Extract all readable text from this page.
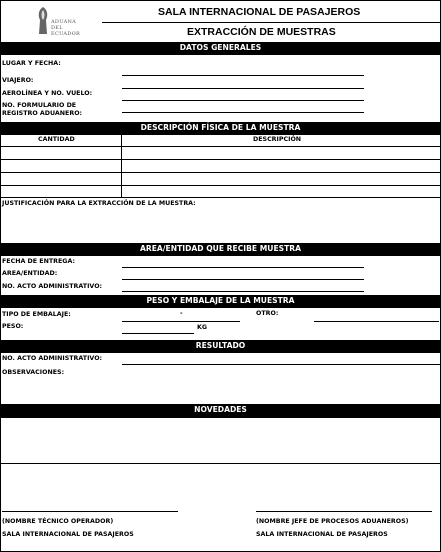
ADUANA DEL ECUADOR
SALA INTERNACIONAL DE PASAJEROS
EXTRACCIÓN DE MUESTRAS
DATOS GENERALES
LUGAR Y FECHA:
VIAJERO:
AEROLÍNEA Y NO. VUELO:
NO. FORMULARIO DE
REGISTRO ADUANERO:
DESCRIPCIÓN FÍSICA DE LA MUESTRA
CANTIDAD	DESCRIPCIÓN
JUSTIFICACIÓN PARA LA EXTRACCIÓN DE LA MUESTRA:
AREA/ENTIDAD QUE RECIBE MUESTRA
FECHA DE ENTREGA:
AREA/ENTIDAD:
NO. ACTO ADMINISTRATIVO:
PESO Y EMBALAJE DE LA MUESTRA
TIPO DE EMBALAJE:	-	OTRO:
PESO:	KG
RESULTADO
NO. ACTO ADMINISTRATIVO:
OBSERVACIONES:
NOVEDADES
(NOMBRE TÉCNICO OPERADOR)
SALA INTERNACIONAL DE PASAJEROS
(NOMBRE JEFE DE PROCESOS ADUANEROS)
SALA INTERNACIONAL DE PASAJEROS
